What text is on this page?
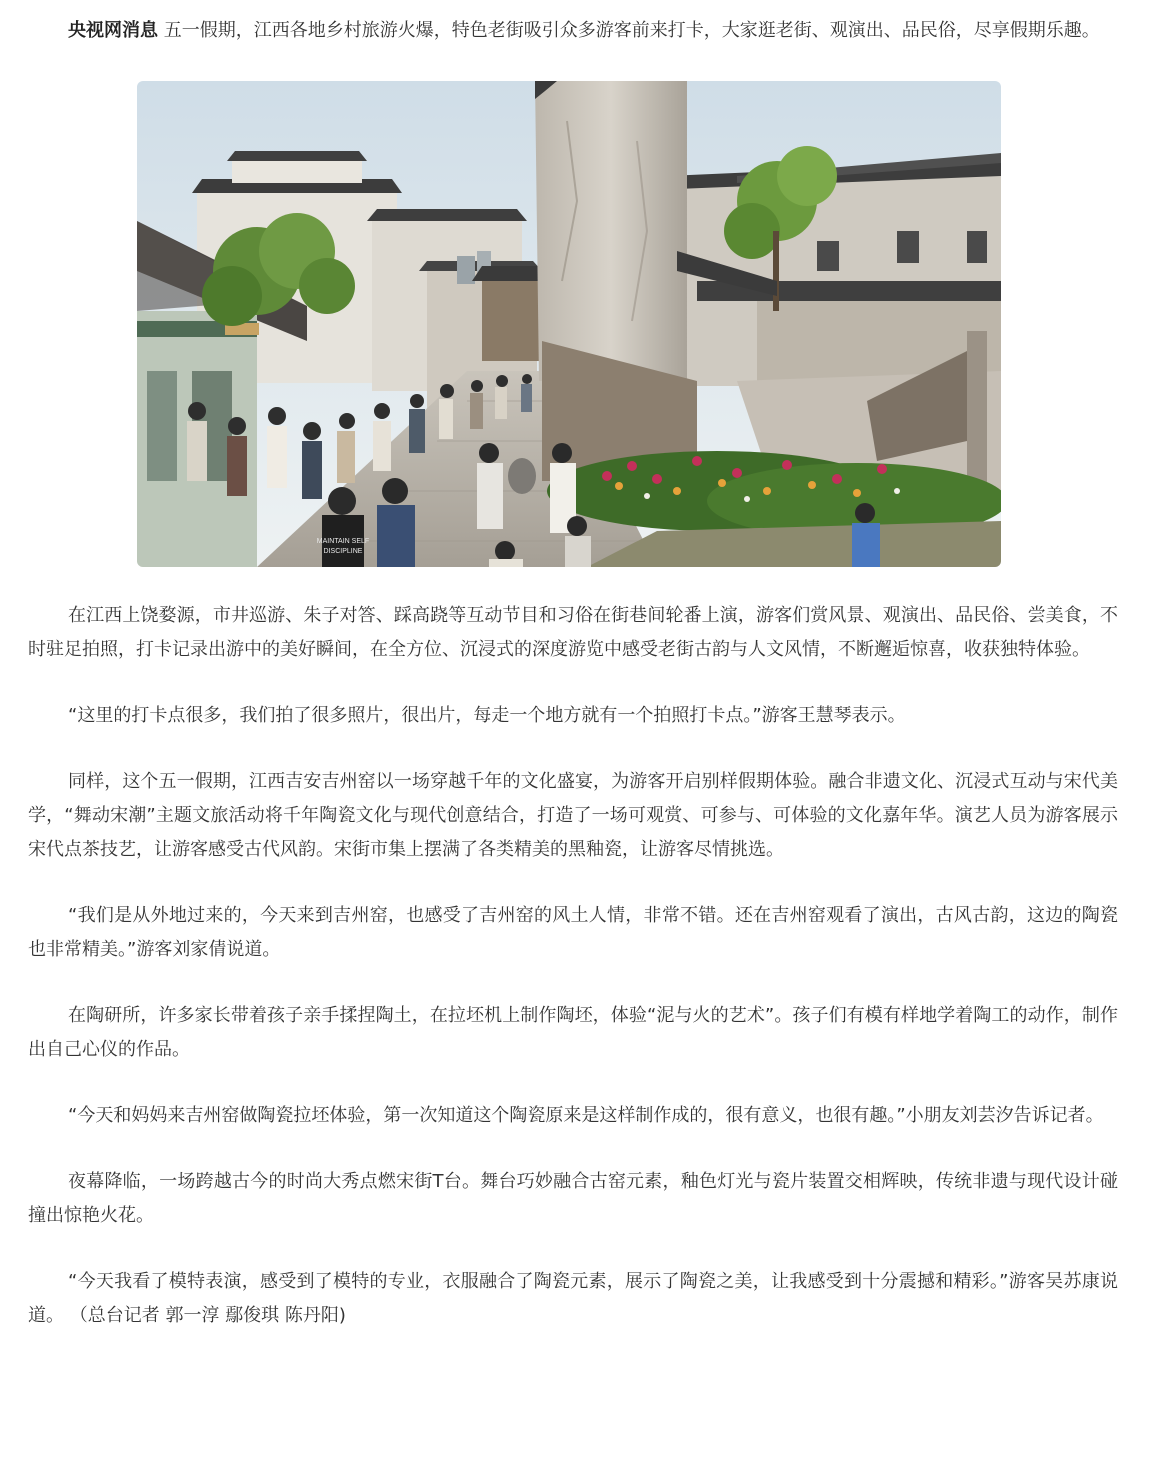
央视网消息 五一假期，江西各地乡村旅游火爆，特色老街吸引众多游客前来打卡，大家逛老街、观演出、品民俗，尽享假期乐趣。

MAINTAIN SELF
DISCIPLINE

在江西上饶婺源，市井巡游、朱子对答、踩高跷等互动节目和习俗在街巷间轮番上演，游客们赏风景、观演出、品民俗、尝美食，不时驻足拍照，打卡记录出游中的美好瞬间，在全方位、沉浸式的深度游览中感受老街古韵与人文风情，不断邂逅惊喜，收获独特体验。

“这里的打卡点很多，我们拍了很多照片，很出片，每走一个地方就有一个拍照打卡点。”游客王慧琴表示。

同样，这个五一假期，江西吉安吉州窑以一场穿越千年的文化盛宴，为游客开启别样假期体验。融合非遗文化、沉浸式互动与宋代美学，“舞动宋潮”主题文旅活动将千年陶瓷文化与现代创意结合，打造了一场可观赏、可参与、可体验的文化嘉年华。演艺人员为游客展示宋代点茶技艺，让游客感受古代风韵。宋街市集上摆满了各类精美的黑釉瓷，让游客尽情挑选。

“我们是从外地过来的，今天来到吉州窑，也感受了吉州窑的风土人情，非常不错。还在吉州窑观看了演出，古风古韵，这边的陶瓷也非常精美。”游客刘家倩说道。

在陶研所，许多家长带着孩子亲手揉捏陶土，在拉坯机上制作陶坯，体验“泥与火的艺术”。孩子们有模有样地学着陶工的动作，制作出自己心仪的作品。

“今天和妈妈来吉州窑做陶瓷拉坯体验，第一次知道这个陶瓷原来是这样制作成的，很有意义，也很有趣。”小朋友刘芸汐告诉记者。

夜幕降临，一场跨越古今的时尚大秀点燃宋街T台。舞台巧妙融合古窑元素，釉色灯光与瓷片装置交相辉映，传统非遗与现代设计碰撞出惊艳火花。

“今天我看了模特表演，感受到了模特的专业，衣服融合了陶瓷元素，展示了陶瓷之美，让我感受到十分震撼和精彩。”游客吴苏康说道。 （总台记者 郭一淳 鄢俊琪 陈丹阳)
